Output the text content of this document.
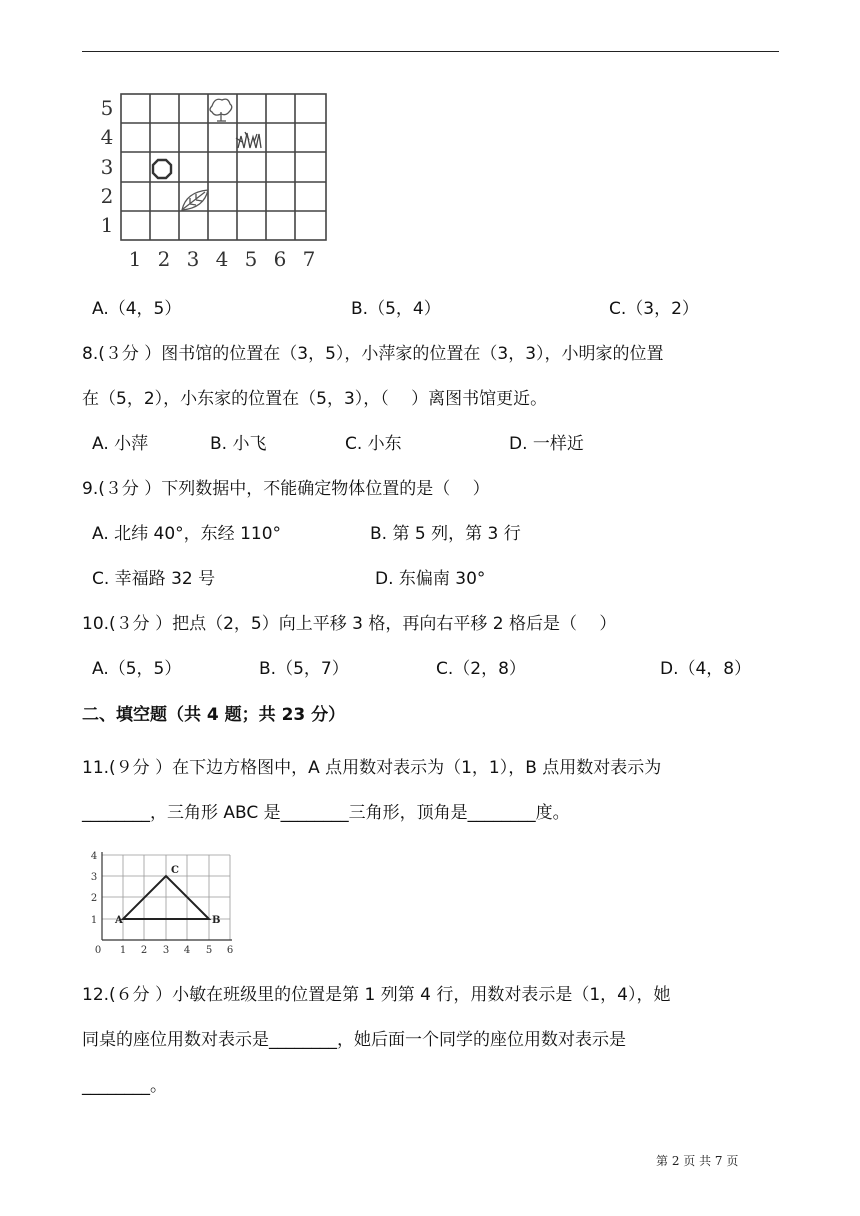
5
4
3
2
1
1 2 3 4 5 6 7
A.（4，5）	B.（5，4）	C.（3，2）
8.(３分 ）图书馆的位置在（3，5），小萍家的位置在（3，3），小明家的位置
在（5，2），小东家的位置在（5，3），（　 ）离图书馆更近。
A. 小萍	B. 小飞	C. 小东	D. 一样近
9.(３分 ）下列数据中，不能确定物体位置的是（　 ）
A. 北纬 40°，东经 110°	B. 第 5 列，第 3 行
C. 幸福路 32 号	D. 东偏南 30°
10.(３分 ）把点（2，5）向上平移 3 格，再向右平移 2 格后是（　 ）
A.（5，5）	B.（5，7）	C.（2，8）	D.（4，8）
二、填空题（共 4 题；共 23 分）
11.(９分 ）在下边方格图中，A 点用数对表示为（1，1），B 点用数对表示为
________，三角形 ABC 是________三角形，顶角是________度。
0 1 2 3 4 5 6
1
2
3
4
A	B
C
12.(６分 ）小敏在班级里的位置是第 1 列第 4 行，用数对表示是（1，4），她
同桌的座位用数对表示是________，她后面一个同学的座位用数对表示是
________。
第 2 页 共 7 页
